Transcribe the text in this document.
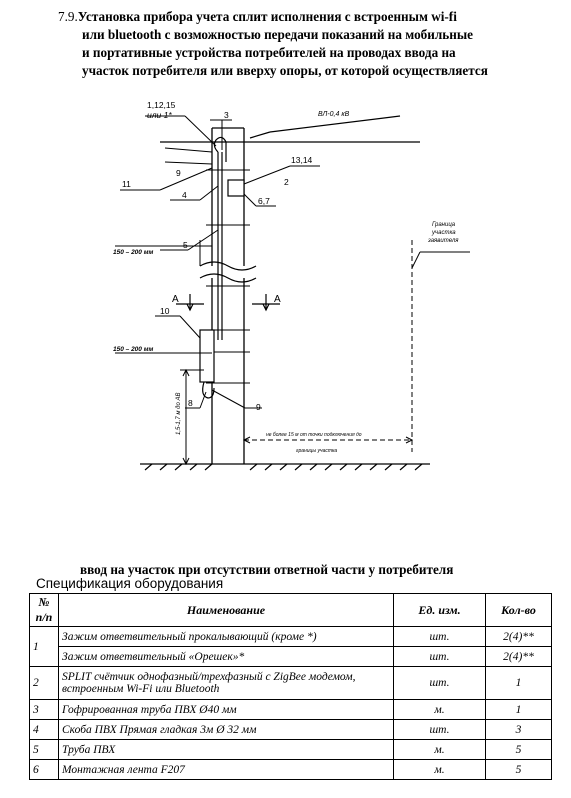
7.9.Установка прибора учета сплит исполнения с встроенным wi-fi
или bluetooth с возможностью передачи показаний на мобильные
и портативные устройства потребителей на проводах ввода на
участок потребителя или вверху опоры, от которой осуществляется
1,12,15
или 1*	3	ВЛ-0,4 кВ
13,14
9
2
11
4
6,7
150 – 200 мм
5
Граница
участка
заявителя
А	А
10
150 – 200 мм
8	9
1,5-1,7 м до АВ	не более 15 м от точки подключения до
границы участка
ввод на участок при отсутствии ответной части у потребителя
Спецификация оборудования
№
п/п	Наименование	Ед. изм.	Кол-во
1	Зажим ответвительный прокалывающий (кроме *)	шт.	2(4)**
	Зажим ответвительный «Орешек»*	шт.	2(4)**
2	SPLIT счётчик однофазный/трехфазный с ZigBee модемом, встроенным Wi-Fi или Bluetooth	шт.	1
3	Гофрированная труба ПВХ Ø40 мм	м.	1
4	Скоба ПВХ Прямая гладкая 3м Ø 32 мм	шт.	3
5	Труба ПВХ	м.	5
6	Монтажная лента F207	м.	5
